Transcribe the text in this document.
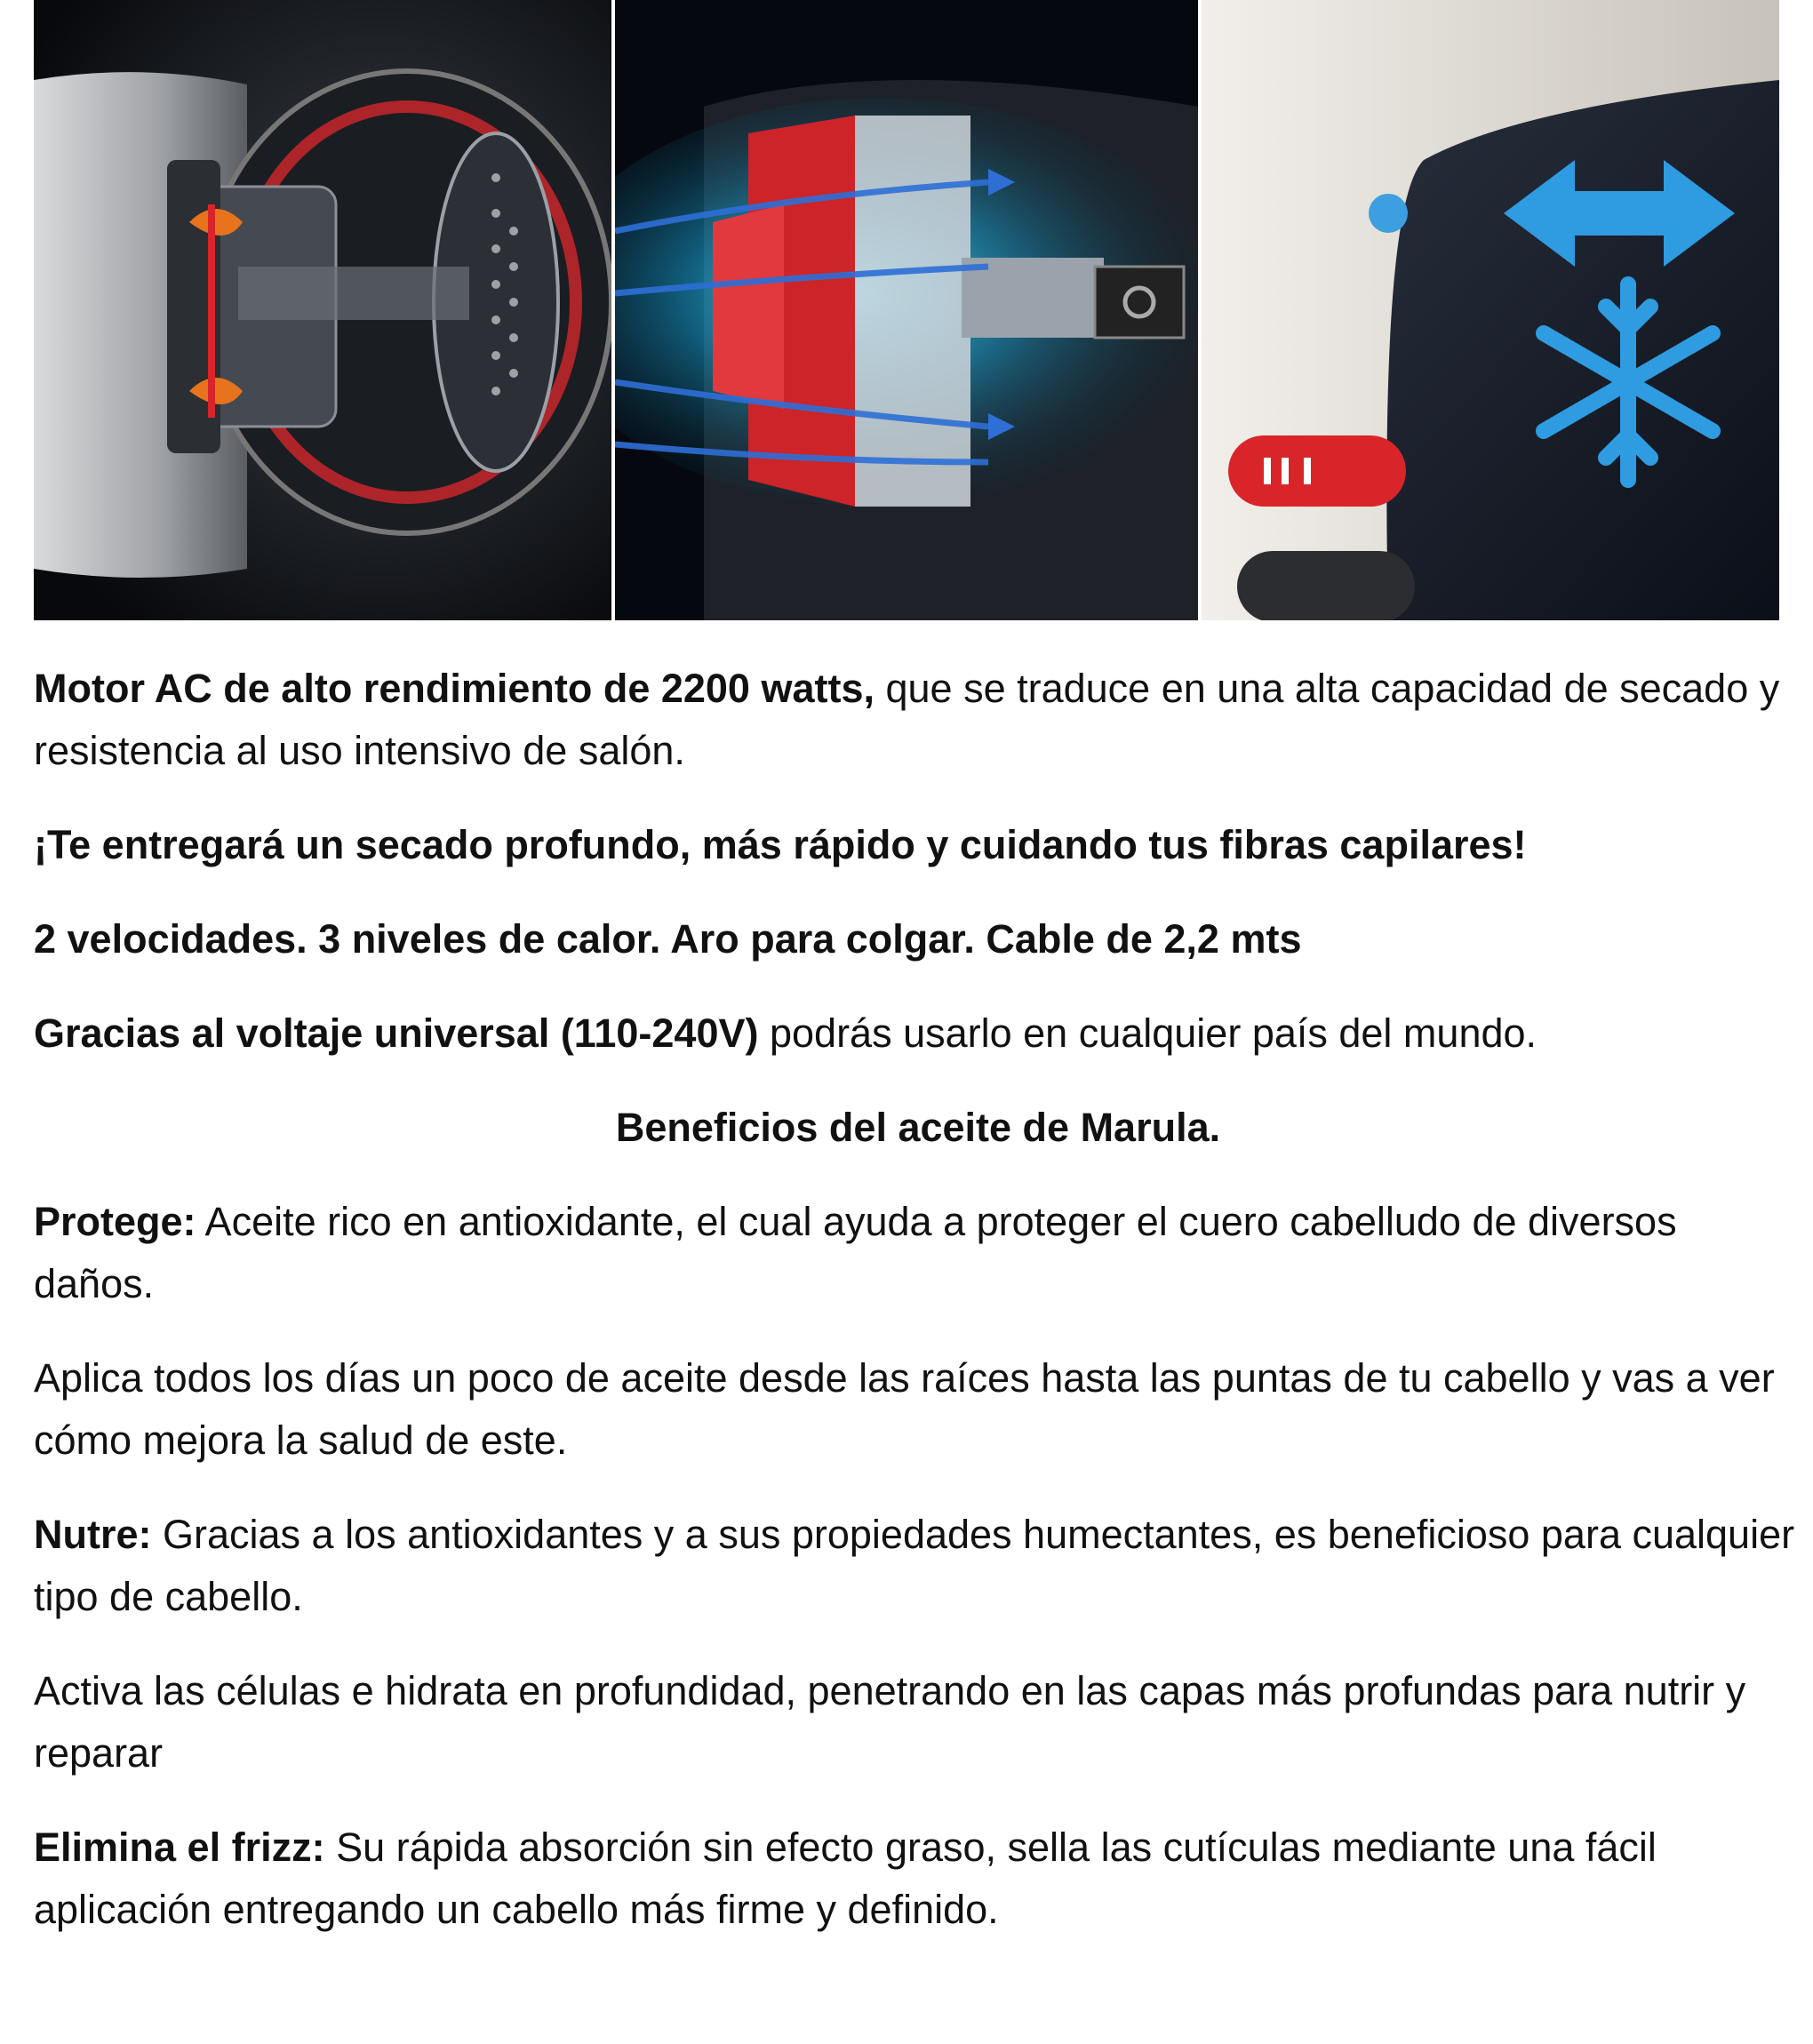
Motor AC de alto rendimiento de 2200 watts, que se traduce en una alta capacidad de secado y resistencia al uso intensivo de salón.

¡Te entregará un secado profundo, más rápido y cuidando tus fibras capilares!

2 velocidades. 3 niveles de calor. Aro para colgar. Cable de 2,2 mts

Gracias al voltaje universal (110-240V) podrás usarlo en cualquier país del mundo.

Beneficios del aceite de Marula.

Protege: Aceite rico en antioxidante, el cual ayuda a proteger el cuero cabelludo de diversos daños.

Aplica todos los días un poco de aceite desde las raíces hasta las puntas de tu cabello y vas a ver cómo mejora la salud de este.

Nutre: Gracias a los antioxidantes y a sus propiedades humectantes, es beneficioso para cualquier tipo de cabello.

Activa las células e hidrata en profundidad, penetrando en las capas más profundas para nutrir y reparar

Elimina el frizz: Su rápida absorción sin efecto graso, sella las cutículas mediante una fácil aplicación entregando un cabello más firme y definido.
